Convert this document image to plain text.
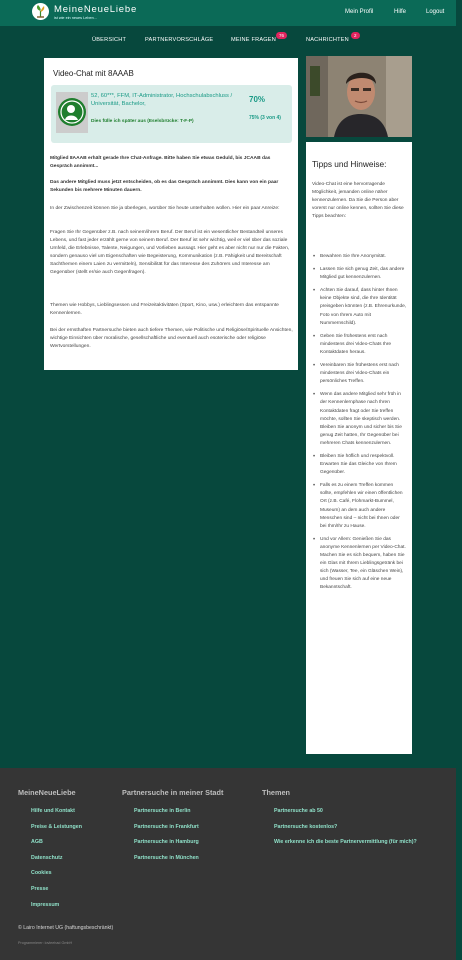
MeineNeueLiebe
ist wie ein neues Leben...
Mein Profil	Hilfe	Logout
ÜBERSICHT	PARTNERVORSCHLÄGE	MEINE FRAGEN
76
NACHRICHTEN
2
Video-Chat mit 8AAAB
52, 60***, FFM, IT-Administrator, Hochschulabschluss / Universität, Bachelor,
Dies fülle ich später aus (Eselsbrücke: T-F-P)
70%
75% (3 von 4)
Mitglied 8AAAB erhält gerade Ihre Chat-Anfrage. Bitte haben Sie etwas Geduld, bis JCAAB das Gespräch annimmt...
Das andere Mitglied muss jetzt entscheiden, ob es das Gespräch annimmt. Dies kann von ein paar Sekunden bis mehrere Minuten dauern.
In der Zwischenzeit können Sie ja überlegen, worüber Sie heute unterhalten wollen. Hier ein paar Anreize:
Fragen Sie Ihr Gegenüber z.B. nach seinem/ihrem Beruf. Der Beruf ist ein wesentlicher Bestandteil unseres Lebens, und fast jeder erzählt gerne von seinem Beruf. Der Beruf ist sehr wichtig, weil er viel über das soziale Umfeld, die Erlebnisse, Talente, Neigungen, und Vorlieben aussagt. Hier geht es aber nicht nur nur die Fakten, sondern genauso viel um Eigenschaften wie Begeisterung, Kommunikation (z.B. Fähigkeit und Bereitschaft Sachthemen einem Laien zu vermitteln), Sensibilität für das Interesse des Zuhörers und Interesse am Gegenüber (stellt er/sie auch Gegenfragen).
Themen wie Hobbys, Lieblingsessen und Freizeitaktivitäten (Sport, Kino, usw.) erleichtern das entspannte Kennenlernen.
Bei der ernsthaften Partnersuche bieten auch tiefere Themen, wie Politische und Religiöse/Spirituelle Ansichten, wichtige Einsichten über moralische, gesellschaftliche und eventuell auch esoterische oder religiöse Wertvorstellungen.
Tipps und Hinweise:
Video-Chat ist eine hervorragende Möglichkeit, jemanden online näher kennenzulernen. Da Sie die Person aber vorerst nur online kennen, sollten Sie diese Tipps beachten:
• Bewahren Sie Ihre Anonymität.
• Lassen Sie sich genug Zeit, das andere Mitglied gut kennenzulernen.
• Achten Sie darauf, dass hinter Ihnen keine Objekte sind, die Ihre Identität preisgeben könnten (z.B. Ehrenurkunde, Foto von Ihrem Auto mit Nummernschild).
• Geben Sie frühestens erst nach mindestens drei Video-Chats Ihre Kontaktdaten heraus.
• Vereinbaren Sie frühestens erst nach mindestens drei Video-Chats ein persönliches Treffen.
• Wenn das andere Mitglied sehr früh in der Kennenlernphase nach Ihren Kontaktdaten fragt oder Sie treffen möchte, sollten Sie skeptisch werden. Bleiben Sie anonym und sicher bis Sie genug Zeit hatten, Ihr Gegenüber bei mehreren Chats kennenzulernen.
• Bleiben Sie höflich und respektvoll. Erwarten Sie das Gleiche von Ihrem Gegenüber.
• Falls es zu einem Treffen kommen sollte, empfehlen wir einen öffentlichen Ort (z.B. Café, Flohmarkt-Bummel, Museum) an dem auch andere Menschen sind – nicht bei Ihnen oder bei Ihm/Ihr zu Hause.
• Und vor Allem: Genießen Sie das anonyme Kennenlernen per Video-Chat. Machen Sie es sich bequem, haben Sie ein Glas mit Ihrem Lieblingsgetränk bei sich (Wasser, Tee, ein Gläschen Wein), und freuen Sie sich auf eine neue Bekanntschaft.
MeineNeueLiebe
Hilfe und Kontakt
Preise & Leistungen
AGB
Datenschutz
Cookies
Presse
Impressum
Partnersuche in meiner Stadt
Partnersuche in Berlin
Partnersuche in Frankfurt
Partnersuche in Hamburg
Partnersuche in München
Themen
Partnersuche ab 50
Partnersuche kostenlos?
Wie erkenne ich die beste Partnervermittlung (für mich)?
© Lairo Internet UG (haftungsbeschränkt)
Programmierer: lovleehad GmbH
